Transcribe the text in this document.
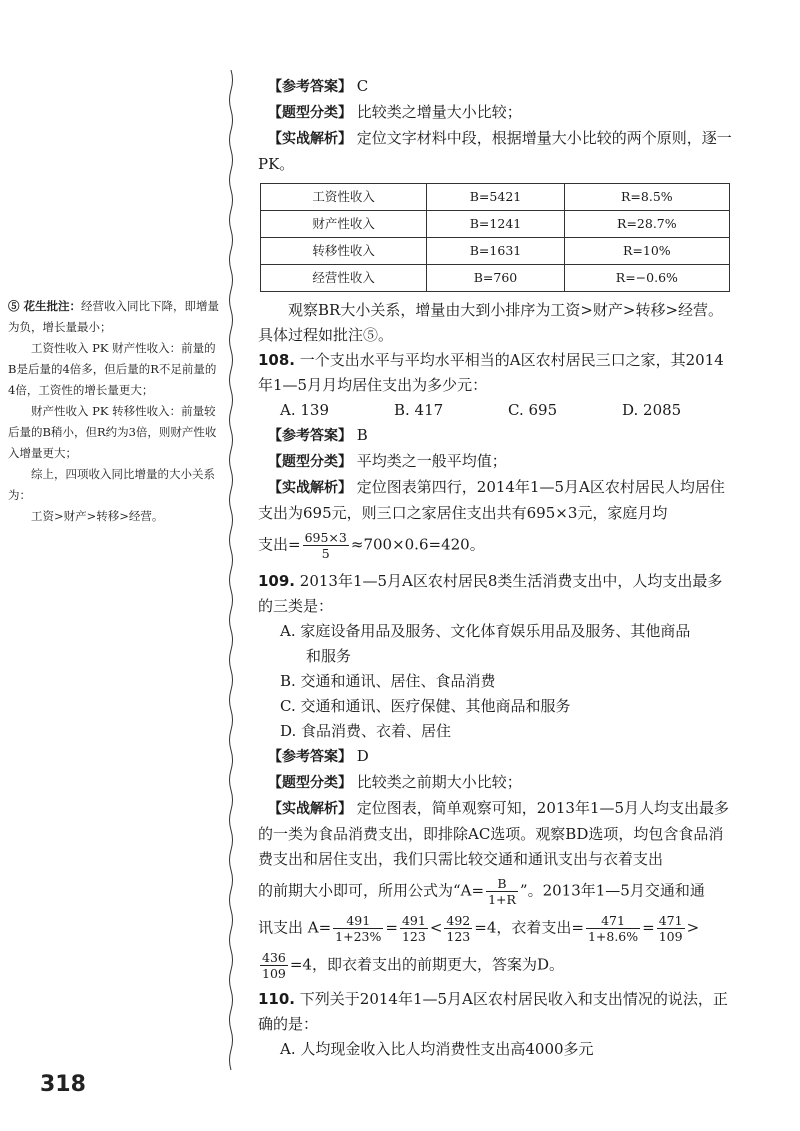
⑤ 花生批注：经营收入同比下降，即增量为负，增长量最小；

工资性收入 PK 财产性收入：前量的B是后量的4倍多，但后量的R不足前量的4倍，工资性的增长量更大；

财产性收入 PK 转移性收入：前量较后量的B稍小，但R约为3倍，则财产性收入增量更大；

综上，四项收入同比增量的大小关系为：

工资>财产>转移>经营。

【参考答案】 C

【题型分类】 比较类之增量大小比较；

【实战解析】 定位文字材料中段，根据增量大小比较的两个原则，逐一PK。

工资性收入	B=5421	R=8.5%
财产性收入	B=1241	R=28.7%
转移性收入	B=1631	R=10%
经营性收入	B=760	R=−0.6%

观察BR大小关系，增量由大到小排序为工资>财产>转移>经营。具体过程如批注⑤。

108. 一个支出水平与平均水平相当的A区农村居民三口之家，其2014年1—5月月均居住支出为多少元：

A. 139	B. 417	C. 695	D. 2085

【参考答案】 B

【题型分类】 平均类之一般平均值；

【实战解析】 定位图表第四行，2014年1—5月A区农村居民人均居住支出为695元，则三口之家居住支出共有695×3元，家庭月均

支出= $\frac{695\times 3}{5} \approx 700\times 0.6=420$。

109. 2013年1—5月A区农村居民8类生活消费支出中，人均支出最多的三类是：

A. 家庭设备用品及服务、文化体育娱乐用品及服务、其他商品

和服务

B. 交通和通讯、居住、食品消费

C. 交通和通讯、医疗保健、其他商品和服务

D. 食品消费、衣着、居住

【参考答案】 D

【题型分类】 比较类之前期大小比较；

【实战解析】 定位图表，简单观察可知，2013年1—5月人均支出最多的一类为食品消费支出，即排除AC选项。观察BD选项，均包含食品消费支出和居住支出，我们只需比较交通和通讯支出与衣着支出

的前期大小即可，所用公式为“$A= \frac{B}{1+R}$ ”。2013年1—5月交通和通

讯支出 $A= \frac{491}{1+23\%} = \frac{491}{123} < \frac{492}{123} =4$，衣着支出= $\frac{471}{1+8.6\%} = \frac{471}{109}$ >

$\frac{436}{109} =4$，即衣着支出的前期更大，答案为D。

110. 下列关于2014年1—5月A区农村居民收入和支出情况的说法，正确的是：

A. 人均现金收入比人均消费性支出高4000多元

318
